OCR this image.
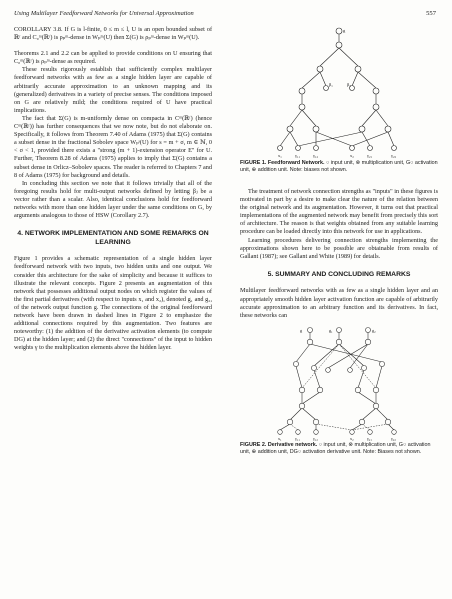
Using Multilayer Feedforward Networks for Universal Approximation	557

COROLLARY 3.8. If G is l-finite, 0 ≤ m ≤ l, U is an open bounded subset of ℝʳ and C₀ᵐ(ℝʳ) is ρₚᵐ-dense in Wₚᵐ(U) then Σ(G) is ρₚᵐ-dense in Wₚᵐ(U).

Theorems 2.1 and 2.2 can be applied to provide conditions on U ensuring that C₀ᵐ(ℝʳ) is ρₚᵐ-dense as required.

These results rigorously establish that sufficiently complex multilayer feedforward networks with as few as a single hidden layer are capable of arbitrarily accurate approximation to an unknown mapping and its (generalized) derivatives in a variety of precise senses. The conditions imposed on G are relatively mild; the conditions required of U have practical implications.

The fact that Σ(G) is m-uniformly dense on compacta in Cᵐ(ℝʳ) (hence Cᵐ(ℝʳ)) has further consequences that we now note, but do not elaborate on. Specifically, it follows from Theorem 7.40 of Adams (1975) that Σ(G) contains a subset dense in the fractional Sobolev space Wₚˢ(U) for s = m + σ, m ∈ ℕ, 0 < σ < 1, provided there exists a "strong (m + 1)-extension operator E" for U. Further, Theorem 8.28 of Adams (1975) applies to imply that Σ(G) contains a subset dense in Orlicz–Sobolev spaces. The reader is referred to Chapters 7 and 8 of Adams (1975) for background and details.

In concluding this section we note that it follows trivially that all of the foregoing results hold for multi-output networks defined by letting βⱼ be a vector rather than a scalar. Also, identical conclusions hold for feedforward networks with more than one hidden layer under the same conditions on G, by arguments analogous to those of HSW (Corollary 2.7).

4. NETWORK IMPLEMENTATION AND SOME REMARKS ON LEARNING

Figure 1 provides a schematic representation of a single hidden layer feedforward network with two inputs, two hidden units and one output. We consider this architecture for the sake of simplicity and because it suffices to illustrate the relevant concepts. Figure 2 presents an augmentation of this network that possesses additional output nodes on which register the values of the first partial derivatives (with respect to inputs x₁ and x₂), denoted g₁ and g₂, of the network output function g. The connections of the original feedforward network have been drawn in dashed lines in Figure 2 to emphasize the additional connections required by this augmentation. Two features are noteworthy: (1) the addition of the derivative activation elements (to compute DG) at the hidden layer; and (2) the direct "connections" of the input to hidden weights γ to the multiplication elements above the hidden layer.

g
β₁	β₂
x₁	γ₁₁	γ₁₂	x₂	γ₂₁	γ₂₂

FIGURE 1. Feedforward Network. ○ input unit, ⊗ multiplication unit, G○ activation unit, ⊕ addition unit. Note: biases not shown.

The treatment of network connection strengths as "inputs" in these figures is motivated in part by a desire to make clear the nature of the relation between the original network and its augmentation. However, it turns out that practical implementations of the augmented network may benefit from precisely this sort of architecture. The reason is that weights obtained from any suitable learning procedure can be loaded directly into this network for use in applications.

Learning procedures delivering connection strengths implementing the approximations shown here to be possible are obtainable from results of Gallant (1987); see Gallant and White (1989) for details.

5. SUMMARY AND CONCLUDING REMARKS

Multilayer feedforward networks with as few as a single hidden layer and an appropriately smooth hidden layer activation function are capable of arbitrarily accurate approximation to an arbitrary function and its derivatives. In fact, these networks can

g	g₁	g₂
x₁	γ₁₁	γ₁₂	x₂	γ₂₁	γ₂₂

FIGURE 2. Derivative network. ○ input unit, ⊗ multiplication unit, G○ activation unit, ⊕ addition unit, DG○ activation derivative unit. Note: Biases not shown.
